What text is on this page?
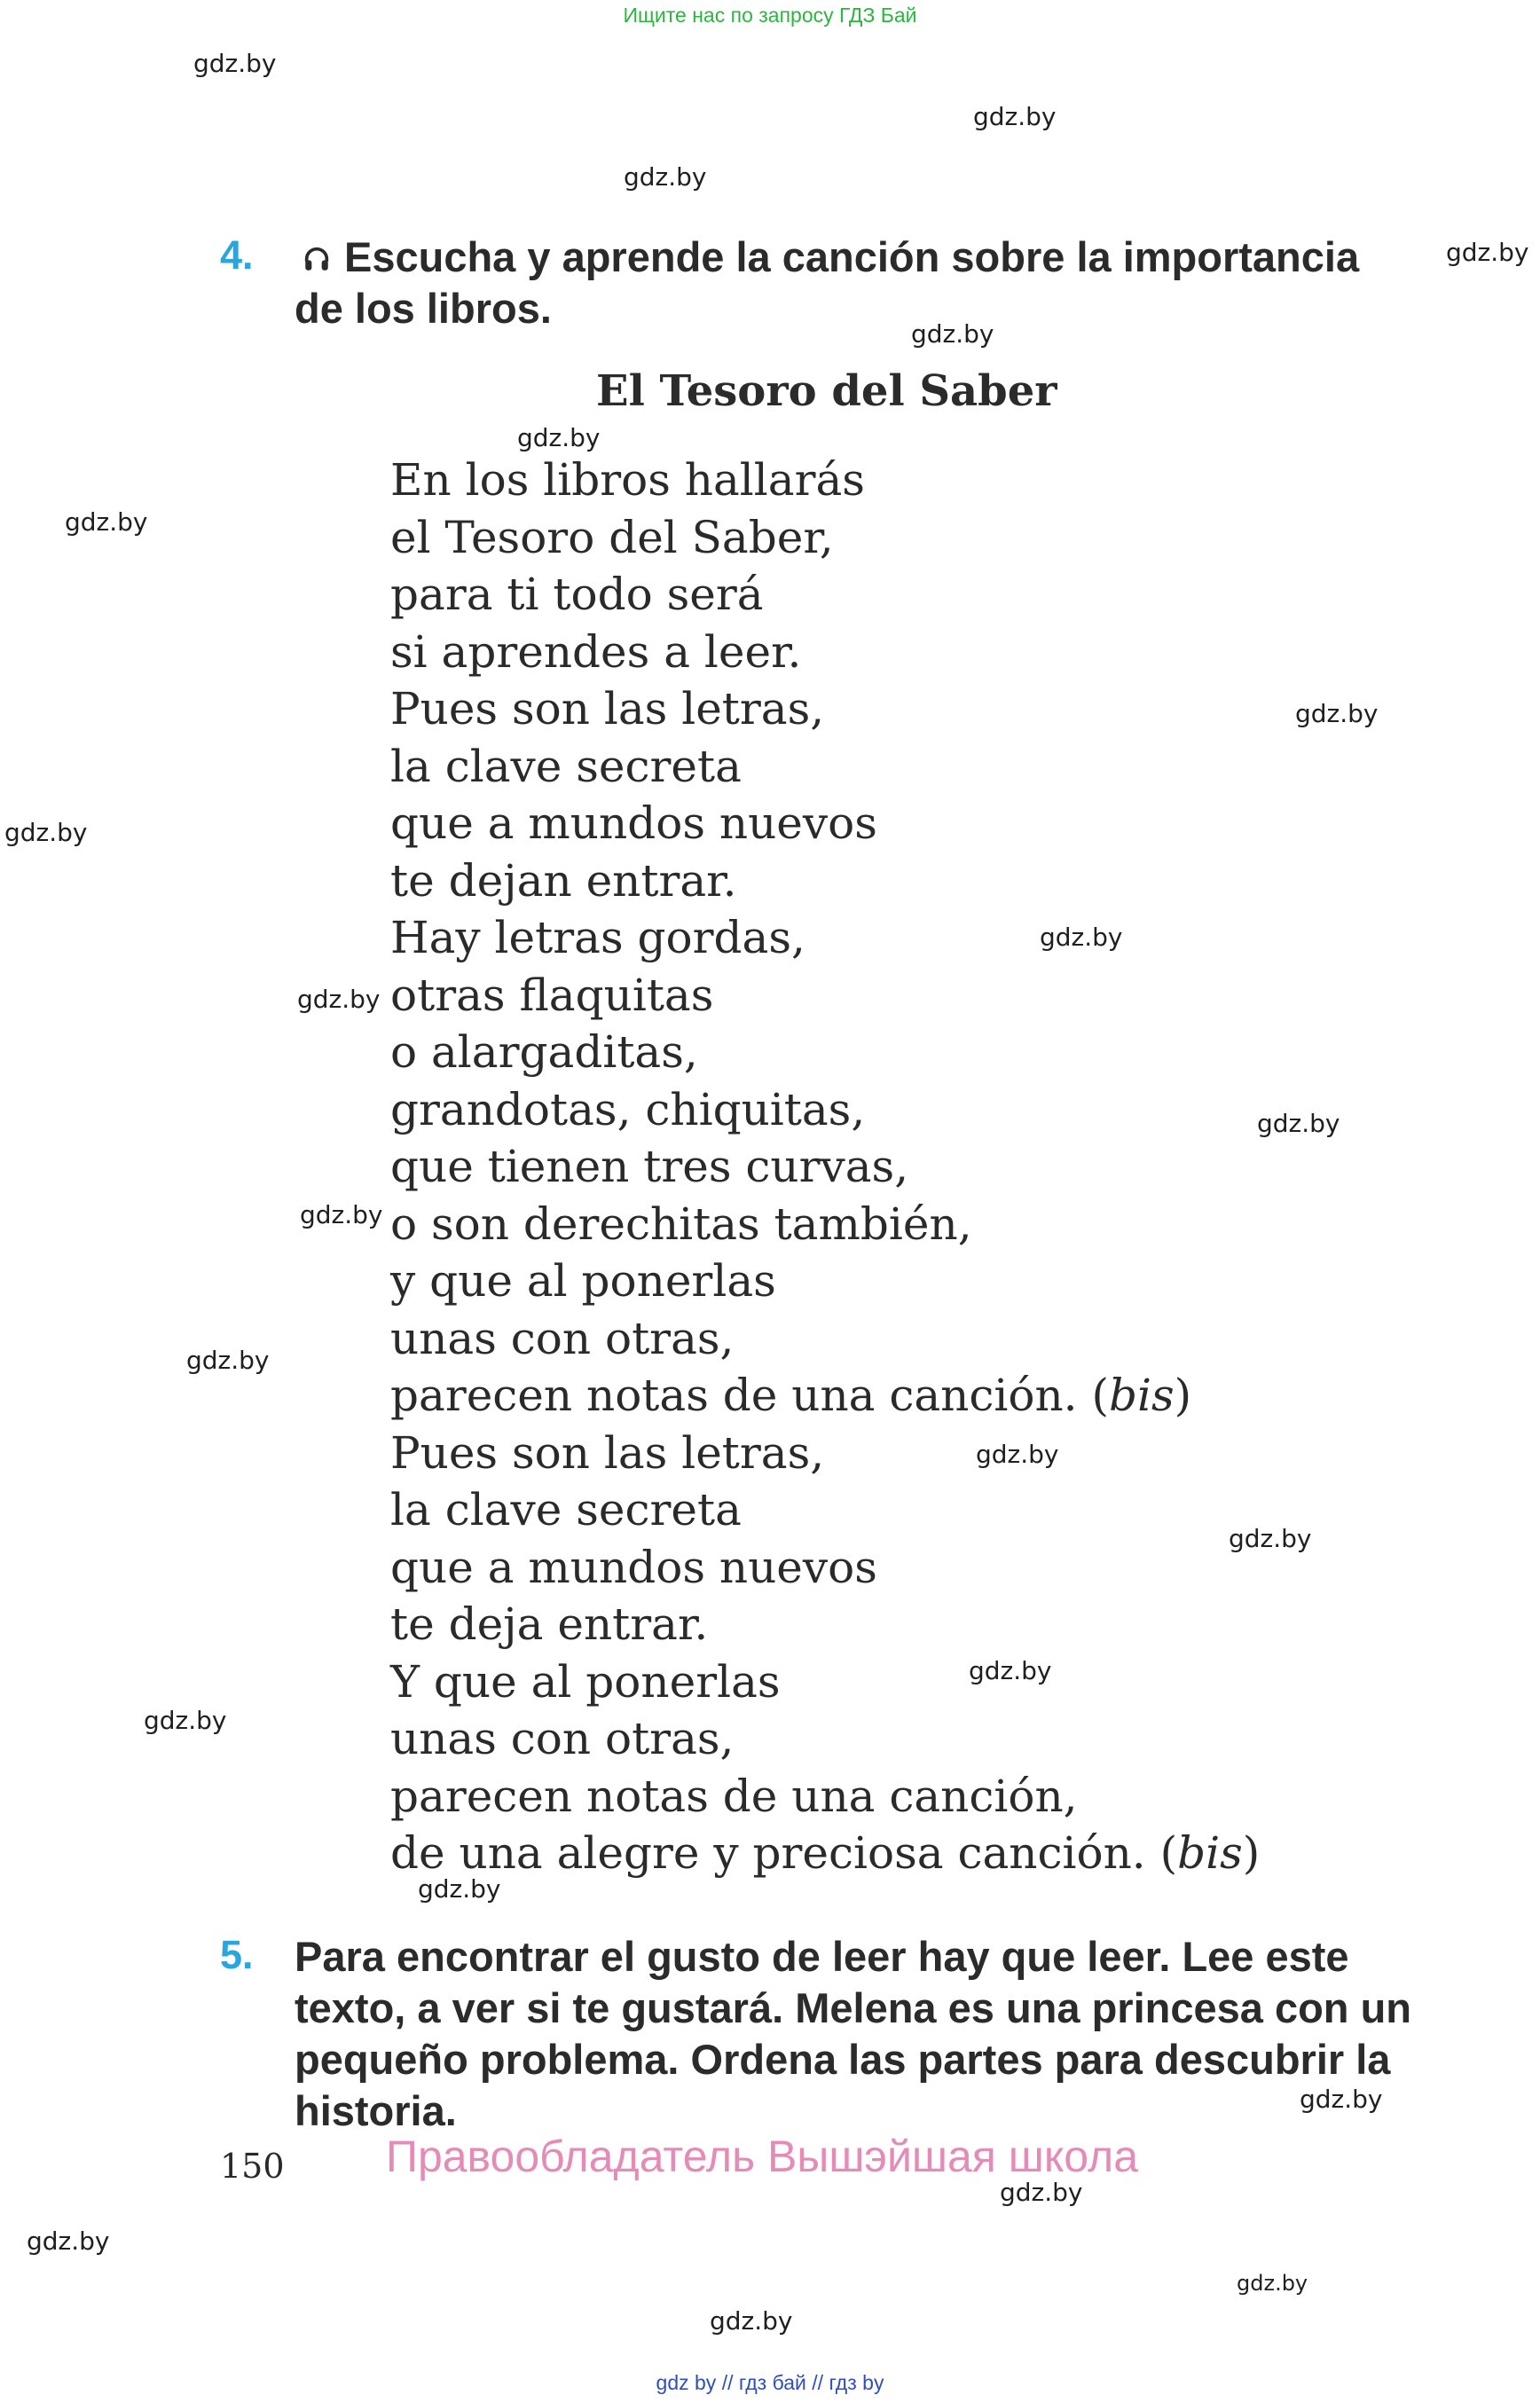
Ищите нас по запросу ГДЗ Бай
gdz.by
gdz.by
gdz.by
gdz.by
gdz.by
gdz.by
gdz.by
gdz.by
gdz.by
gdz.by
gdz.by
gdz.by
gdz.by
gdz.by
gdz.by
gdz.by
gdz.by
gdz.by
gdz.by
gdz.by
gdz.by
gdz.by
gdz.by
gdz.by
4.	Escucha y aprende la canción sobre la importancia de los libros.
El Tesoro del Saber
En los libros hallarás
el Tesoro del Saber,
para ti todo será
si aprendes a leer.
Pues son las letras,
la clave secreta
que a mundos nuevos
te dejan entrar.
Hay letras gordas,
otras flaquitas
o alargaditas,
grandotas, chiquitas,
que tienen tres curvas,
o son derechitas también,
y que al ponerlas
unas con otras,
parecen notas de una canción. (bis)
Pues son las letras,
la clave secreta
que a mundos nuevos
te deja entrar.
Y que al ponerlas
unas con otras,
parecen notas de una canción,
de una alegre y preciosa canción. (bis)
5. Para encontrar el gusto de leer hay que leer. Lee este texto, a ver si te gustará. Melena es una princesa con un pequeño problema. Ordena las partes para descubrir la historia.
150 Правообладатель Вышэйшая школа
gdz by // гдз бай // гдз by
